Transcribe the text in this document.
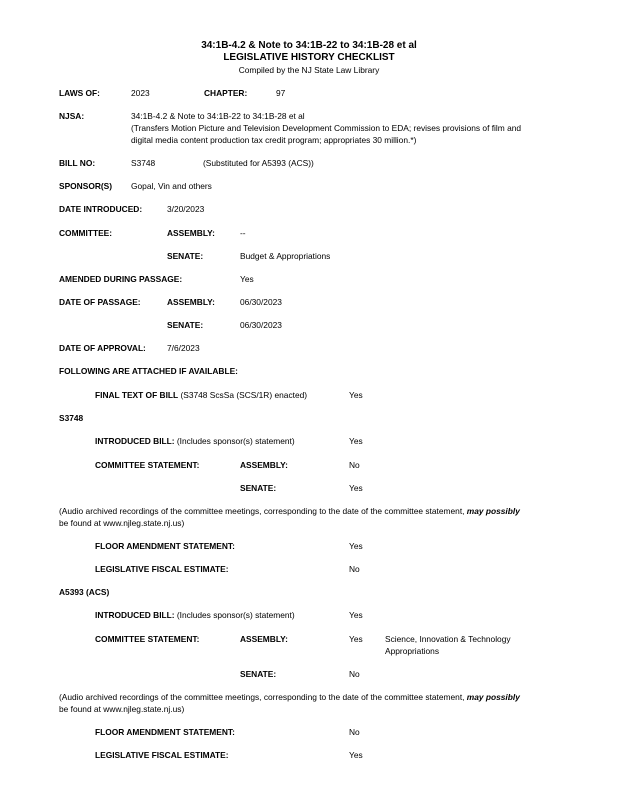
34:1B-4.2 & Note to 34:1B-22 to 34:1B-28 et al
LEGISLATIVE HISTORY CHECKLIST
Compiled by the NJ State Law Library
LAWS OF:	2023	CHAPTER:	97
NJSA:	34:1B-4.2 & Note to 34:1B-22 to 34:1B-28 et al
(Transfers Motion Picture and Television Development Commission to EDA; revises provisions of film and
digital media content production tax credit program; appropriates 30 million.*)
BILL NO:	S3748	(Substituted for A5393 (ACS))
SPONSOR(S) Gopal, Vin and others
DATE INTRODUCED:	3/20/2023
COMMITTEE:	ASSEMBLY:	--
SENATE:	Budget & Appropriations
AMENDED DURING PASSAGE:	Yes
DATE OF PASSAGE:	ASSEMBLY:	06/30/2023
SENATE:	06/30/2023
DATE OF APPROVAL:	7/6/2023
FOLLOWING ARE ATTACHED IF AVAILABLE:
FINAL TEXT OF BILL (S3748 ScsSa (SCS/1R) enacted)	Yes
S3748
INTRODUCED BILL: (Includes sponsor(s) statement)	Yes
COMMITTEE STATEMENT:	ASSEMBLY:	No
SENATE:	Yes
(Audio archived recordings of the committee meetings, corresponding to the date of the committee statement, may possibly
be found at www.njleg.state.nj.us)
FLOOR AMENDMENT STATEMENT:	Yes
LEGISLATIVE FISCAL ESTIMATE:	No
A5393 (ACS)
INTRODUCED BILL: (Includes sponsor(s) statement)	Yes
COMMITTEE STATEMENT:	ASSEMBLY:	Yes	Science, Innovation & Technology
Appropriations
SENATE:	No
(Audio archived recordings of the committee meetings, corresponding to the date of the committee statement, may possibly
be found at www.njleg.state.nj.us)
FLOOR AMENDMENT STATEMENT:	No
LEGISLATIVE FISCAL ESTIMATE:	Yes
